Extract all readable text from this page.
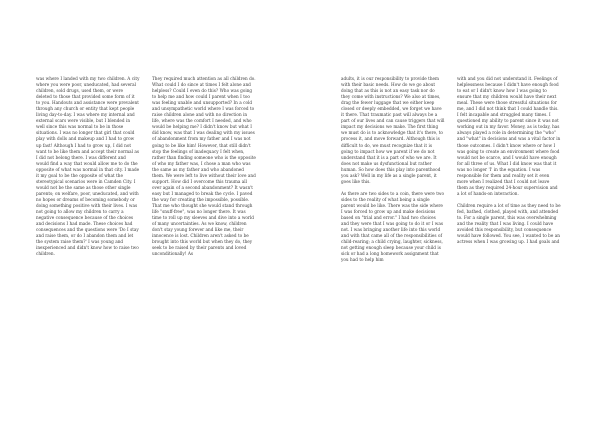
was where I landed with my two children. A city where you were poor, uneducated, had several children, sold drugs, used them, or were deleted to those that provided some form of it to you. Handouts and assistance were prevalent through any church or entity that kept people living day-to-day. I was where my internal and external scars were visible, but I blended in well since this was normal to be in those situations. I was no longer that girl that could play with dolls and makeup and I had to grow up fast! Although I had to grow up, I did not want to be like them and accept their normal as I did not belong there. I was different and would find a way that would allow me to do the opposite of what was normal in that city. I made it my goal to be the opposite of what the stereotypical scenarios were in Camden City. I would not be the same as those other single parents; on welfare, poor, uneducated, and with no hopes or dreams of becoming somebody or doing something positive with their lives. I was not going to allow my children to carry a negative consequence because of the choices and decisions I had made. These choices had consequences and the questions were 'Do I stay and raise them, or do I abandon them and let the system raise them?' I was young and inexperienced and didn't know how to raise two children.

They required much attention as all children do. What could I do since at times I felt alone and helpless? Could I even do this? Who was going to help me and how could I parent when I too was feeling unable and unsupported? In a cold and unsympathetic world where I was forced to raise children alone and with no direction in life, where was the comfort I needed, and who would be helping me? I didn't know but what I did know, was that I was dealing with my issues of abandonment from my father and I was not going to be like him! However, that still didn't stop the feelings of inadequacy I felt when, rather than finding someone who is the opposite of who my father was, I chose a man who was the same as my father and who abandoned them. We were left to live without their love and support. How did I overcome this trauma all over again of a second abandonment? It wasn't easy but I managed to break the cycle. I paved the way for creating the impossible, possible. That me who thought she would stand through life "snuff-free", was no longer there. It was time to roll up my sleeves and dive into a world of many uncertainties. As we know, children don't stay young forever and like me, their innocence is lost. Children aren't asked to be brought into this world but when they do, they seek to be raised by their parents and loved unconditionally! As

adults, it is our responsibility to provide them with their basic needs. How do we go about doing that as this is not an easy task nor do they come with instructions? We also at times, drag the fewer luggage that we either keep closed or deeply embedded, we forget we have it there. That traumatic past will always be a part of our lives and can cause triggers that will impact my decisions we make. The first thing we must do is to acknowledge that it's there, to process it, and move forward. Although this is difficult to do, we must recognize that it is going to impact how we parent if we do not understand that it is a part of who we are. It does not make us dysfunctional but rather human. So how does this play into parenthood you ask? Well in my life as a single parent, it goes like this.

As there are two sides to a coin, there were two sides to the reality of what being a single parent would be like. There was the side where I was forced to grow up and make decisions based on "trial and error." I had two choices and they were that I was going to do it or I was not. I was bringing another life into this world and with that came all of the responsibilities of child-rearing; a child crying, laughter, sickness, not getting enough sleep because your child is sick or had a long homework assignment that you had to help him

with and you did not understand it. Feelings of helplessness because I didn't have enough food to eat or I didn't know how I was going to ensure that my children would have their next meal. These were those stressful situations for me, and I did not think that I could handle this. I felt incapable and struggled many times. I questioned my ability to parent since it was not working out in my favor. Money, as is today, has always played a role in determining the "who" and "what" in decisions and was a vital factor in those outcomes. I didn't know where or how I was going to create an environment where food would not be scarce, and I would have enough for all three of us. What I did know was that it was no longer 'I' in the equation. I was responsible for them and reality set it even more when I realized that I could not leave them as they required 24-hour supervision and a lot of hands-on interaction.

Children require a lot of time as they need to be fed, bathed, clothed, played with, and attended to. For a single parent, this was overwhelming and the reality that I was living. I could have avoided this responsibility, but consequence would have followed. You see, I wanted to be an actress when I was growing up. I had goals and
